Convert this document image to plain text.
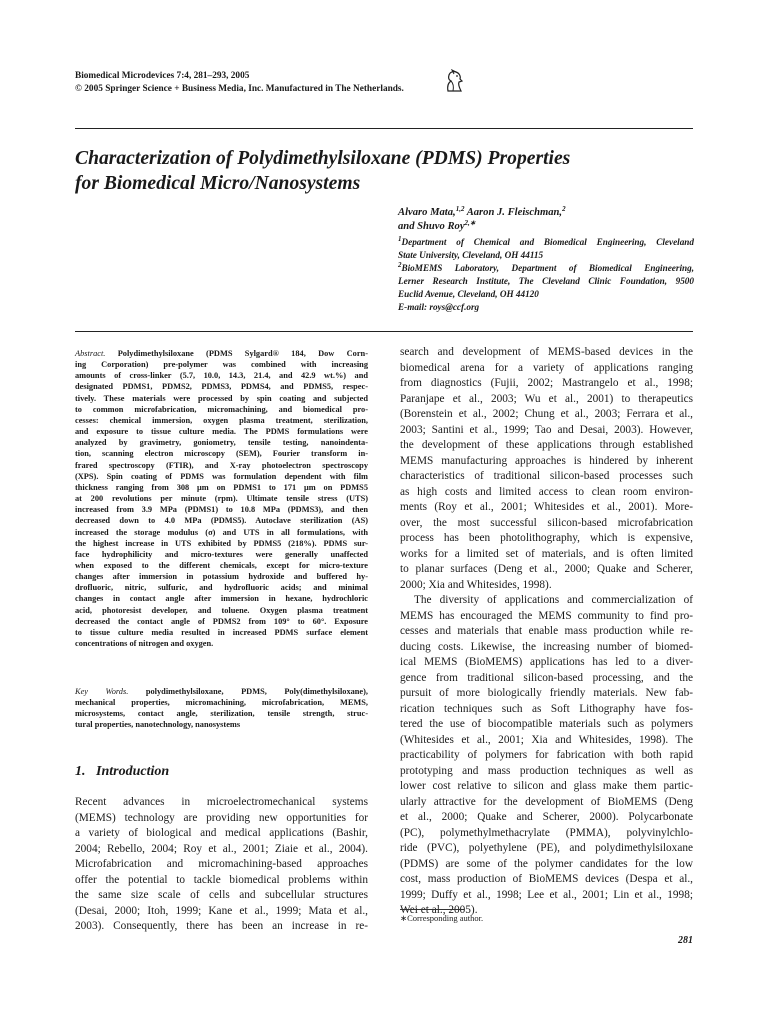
Biomedical Microdevices 7:4, 281–293, 2005
© 2005 Springer Science + Business Media, Inc. Manufactured in The Netherlands.
Characterization of Polydimethylsiloxane (PDMS) Properties
for Biomedical Micro/Nanosystems
Alvaro Mata,$^{1,2}$ Aaron J. Fleischman,$^2$
and Shuvo Roy$^{2,∗}$
$^1$Department of Chemical and Biomedical Engineering, Cleveland
State University, Cleveland, OH 44115
$^2$BioMEMS Laboratory, Department of Biomedical Engineering,
Lerner Research Institute, The Cleveland Clinic Foundation, 9500
Euclid Avenue, Cleveland, OH 44120
E-mail: roys@ccf.org
Abstract. Polydimethylsiloxane (PDMS Sylgard® 184, Dow Corn-
ing Corporation) pre-polymer was combined with increasing
amounts of cross-linker (5.7, 10.0, 14.3, 21.4, and 42.9 wt.%) and
designated PDMS1, PDMS2, PDMS3, PDMS4, and PDMS5, respec-
tively. These materials were processed by spin coating and subjected
to common microfabrication, micromachining, and biomedical pro-
cesses: chemical immersion, oxygen plasma treatment, sterilization,
and exposure to tissue culture media. The PDMS formulations were
analyzed by gravimetry, goniometry, tensile testing, nanoindenta-
tion, scanning electron microscopy (SEM), Fourier transform in-
frared spectroscopy (FTIR), and X-ray photoelectron spectroscopy
(XPS). Spin coating of PDMS was formulation dependent with film
thickness ranging from 308 μm on PDMS1 to 171 μm on PDMS5
at 200 revolutions per minute (rpm). Ultimate tensile stress (UTS)
increased from 3.9 MPa (PDMS1) to 10.8 MPa (PDMS3), and then
decreased down to 4.0 MPa (PDMS5). Autoclave sterilization (AS)
increased the storage modulus (σ) and UTS in all formulations, with
the highest increase in UTS exhibited by PDMS5 (218%). PDMS sur-
face hydrophilicity and micro-textures were generally unaffected
when exposed to the different chemicals, except for micro-texture
changes after immersion in potassium hydroxide and buffered hy-
drofluoric, nitric, sulfuric, and hydrofluoric acids; and minimal
changes in contact angle after immersion in hexane, hydrochloric
acid, photoresist developer, and toluene. Oxygen plasma treatment
decreased the contact angle of PDMS2 from 109° to 60°. Exposure
to tissue culture media resulted in increased PDMS surface element
concentrations of nitrogen and oxygen.
Key Words. polydimethylsiloxane, PDMS, Poly(dimethylsiloxane),
mechanical properties, micromachining, microfabrication, MEMS,
microsystems, contact angle, sterilization, tensile strength, struc-
tural properties, nanotechnology, nanosystems
1. Introduction
Recent advances in microelectromechanical systems
(MEMS) technology are providing new opportunities for
a variety of biological and medical applications (Bashir,
2004; Rebello, 2004; Roy et al., 2001; Ziaie et al., 2004).
Microfabrication and micromachining-based approaches
offer the potential to tackle biomedical problems within
the same size scale of cells and subcellular structures
(Desai, 2000; Itoh, 1999; Kane et al., 1999; Mata et al.,
2003). Consequently, there has been an increase in re-
search and development of MEMS-based devices in the
biomedical arena for a variety of applications ranging
from diagnostics (Fujii, 2002; Mastrangelo et al., 1998;
Paranjape et al., 2003; Wu et al., 2001) to therapeutics
(Borenstein et al., 2002; Chung et al., 2003; Ferrara et al.,
2003; Santini et al., 1999; Tao and Desai, 2003). However,
the development of these applications through established
MEMS manufacturing approaches is hindered by inherent
characteristics of traditional silicon-based processes such
as high costs and limited access to clean room environ-
ments (Roy et al., 2001; Whitesides et al., 2001). More-
over, the most successful silicon-based microfabrication
process has been photolithography, which is expensive,
works for a limited set of materials, and is often limited
to planar surfaces (Deng et al., 2000; Quake and Scherer,
2000; Xia and Whitesides, 1998).
The diversity of applications and commercialization of
MEMS has encouraged the MEMS community to find pro-
cesses and materials that enable mass production while re-
ducing costs. Likewise, the increasing number of biomed-
ical MEMS (BioMEMS) applications has led to a diver-
gence from traditional silicon-based processing, and the
pursuit of more biologically friendly materials. New fab-
rication techniques such as Soft Lithography have fos-
tered the use of biocompatible materials such as polymers
(Whitesides et al., 2001; Xia and Whitesides, 1998). The
practicability of polymers for fabrication with both rapid
prototyping and mass production techniques as well as
lower cost relative to silicon and glass make them partic-
ularly attractive for the development of BioMEMS (Deng
et al., 2000; Quake and Scherer, 2000). Polycarbonate
(PC), polymethylmethacrylate (PMMA), polyvinylchlo-
ride (PVC), polyethylene (PE), and polydimethylsiloxane
(PDMS) are some of the polymer candidates for the low
cost, mass production of BioMEMS devices (Despa et al.,
1999; Duffy et al., 1998; Lee et al., 2001; Lin et al., 1998;
Wei et al., 2005).
∗Corresponding author.
281
